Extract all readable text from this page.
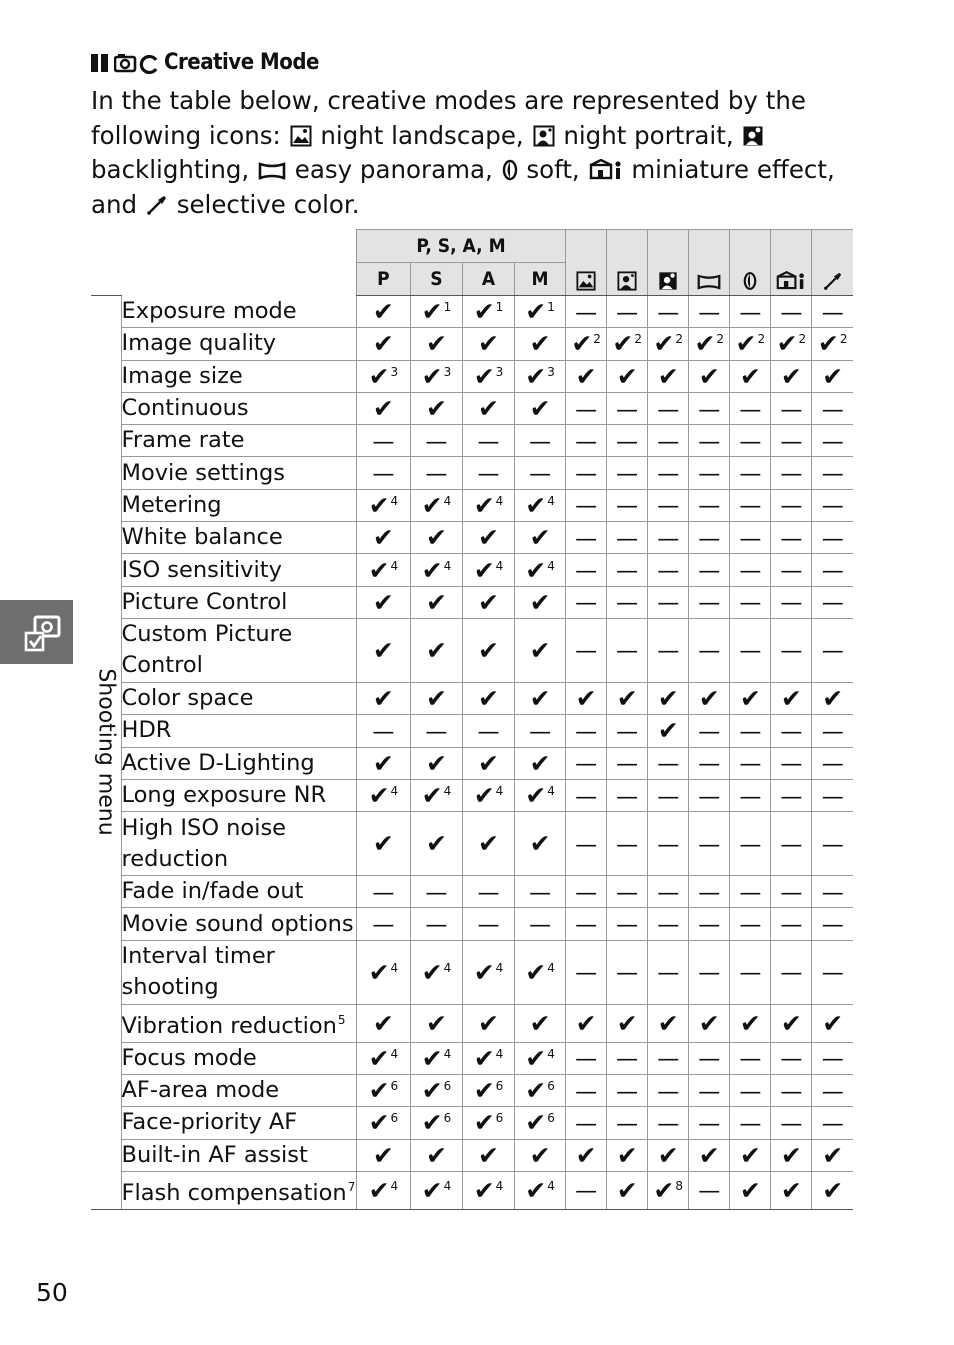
Creative Mode
In the table below, creative modes are represented by the following icons: night landscape, night portrait,  backlighting, easy panorama, soft, miniature effect, and selective color.
		P, S, A, M							
		P	S	A	M							

Shooting menu	Exposure mode	✔	✔$^1$	✔$^1$	✔$^1$	—	—	—	—	—	—	—
	Image quality	✔	✔	✔	✔	✔$^2$	✔$^2$	✔$^2$	✔$^2$	✔$^2$	✔$^2$	✔$^2$
	Image size	✔$^3$	✔$^3$	✔$^3$	✔$^3$	✔	✔	✔	✔	✔	✔	✔
	Continuous	✔	✔	✔	✔	—	—	—	—	—	—	—
	Frame rate	—	—	—	—	—	—	—	—	—	—	—
	Movie settings	—	—	—	—	—	—	—	—	—	—	—
	Metering	✔$^4$	✔$^4$	✔$^4$	✔$^4$	—	—	—	—	—	—	—
	White balance	✔	✔	✔	✔	—	—	—	—	—	—	—
	ISO sensitivity	✔$^4$	✔$^4$	✔$^4$	✔$^4$	—	—	—	—	—	—	—
	Picture Control	✔	✔	✔	✔	—	—	—	—	—	—	—
	Custom Picture Control	✔	✔	✔	✔	—	—	—	—	—	—	—
	Color space	✔	✔	✔	✔	✔	✔	✔	✔	✔	✔	✔
	HDR	—	—	—	—	—	—	✔	—	—	—	—
	Active D-Lighting	✔	✔	✔	✔	—	—	—	—	—	—	—
	Long exposure NR	✔$^4$	✔$^4$	✔$^4$	✔$^4$	—	—	—	—	—	—	—
	High ISO noise reduction	✔	✔	✔	✔	—	—	—	—	—	—	—
	Fade in/fade out	—	—	—	—	—	—	—	—	—	—	—
	Movie sound options	—	—	—	—	—	—	—	—	—	—	—
	Interval timer shooting	✔$^4$	✔$^4$	✔$^4$	✔$^4$	—	—	—	—	—	—	—
	Vibration reduction$^5$	✔	✔	✔	✔	✔	✔	✔	✔	✔	✔	✔
	Focus mode	✔$^4$	✔$^4$	✔$^4$	✔$^4$	—	—	—	—	—	—	—
	AF-area mode	✔$^6$	✔$^6$	✔$^6$	✔$^6$	—	—	—	—	—	—	—
	Face-priority AF	✔$^6$	✔$^6$	✔$^6$	✔$^6$	—	—	—	—	—	—	—
	Built-in AF assist	✔	✔	✔	✔	✔	✔	✔	✔	✔	✔	✔
	Flash compensation$^7$	✔$^4$	✔$^4$	✔$^4$	✔$^4$	—	✔	✔$^8$	—	✔	✔	✔
50
